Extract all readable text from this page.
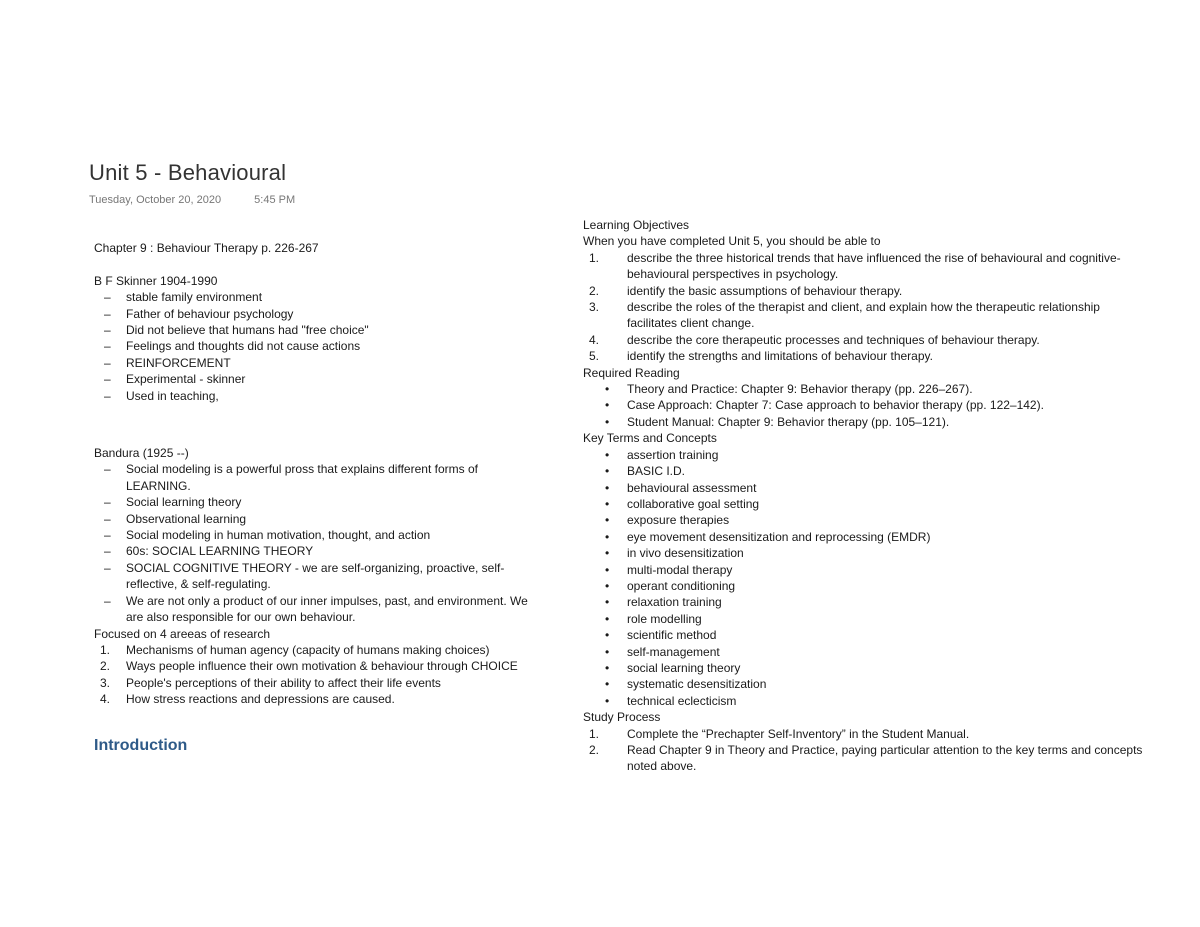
Unit 5 - Behavioural
Tuesday, October 20, 2020	5:45 PM
Chapter 9 : Behaviour Therapy p. 226-267
B F Skinner 1904-1990
–	stable family environment
–	Father of behaviour psychology
–	Did not believe that humans had "free choice"
–	Feelings and thoughts did not cause actions
–	REINFORCEMENT
–	Experimental - skinner
–	Used in teaching,
Bandura (1925 --)
–	Social modeling is a powerful pross that explains different forms of LEARNING.
–	Social learning theory
–	Observational learning
–	Social modeling in human motivation, thought, and action
–	60s: SOCIAL LEARNING THEORY
–	SOCIAL COGNITIVE THEORY - we are self-organizing, proactive, self-reflective, & self-regulating.
–	We are not only a product of our inner impulses, past, and environment. We are also responsible for our own behaviour.
Focused on 4 areeas of research
1.	Mechanisms of human agency (capacity of humans making choices)
2.	Ways people influence their own motivation & behaviour through CHOICE
3.	People's perceptions of their ability to affect their life events
4.	How stress reactions and depressions are caused.
Introduction
Learning Objectives
When you have completed Unit 5, you should be able to
1.	describe the three historical trends that have influenced the rise of behavioural and cognitive-behavioural perspectives in psychology.
2.	identify the basic assumptions of behaviour therapy.
3.	describe the roles of the therapist and client, and explain how the therapeutic relationship facilitates client change.
4.	describe the core therapeutic processes and techniques of behaviour therapy.
5.	identify the strengths and limitations of behaviour therapy.
Required Reading
•	Theory and Practice: Chapter 9: Behavior therapy (pp. 226–267).
•	Case Approach: Chapter 7: Case approach to behavior therapy (pp. 122–142).
•	Student Manual: Chapter 9: Behavior therapy (pp. 105–121).
Key Terms and Concepts
•	assertion training
•	BASIC I.D.
•	behavioural assessment
•	collaborative goal setting
•	exposure therapies
•	eye movement desensitization and reprocessing (EMDR)
•	in vivo desensitization
•	multi-modal therapy
•	operant conditioning
•	relaxation training
•	role modelling
•	scientific method
•	self-management
•	social learning theory
•	systematic desensitization
•	technical eclecticism
Study Process
1.	Complete the “Prechapter Self-Inventory” in the Student Manual.
2.	Read Chapter 9 in Theory and Practice, paying particular attention to the key terms and concepts noted above.
